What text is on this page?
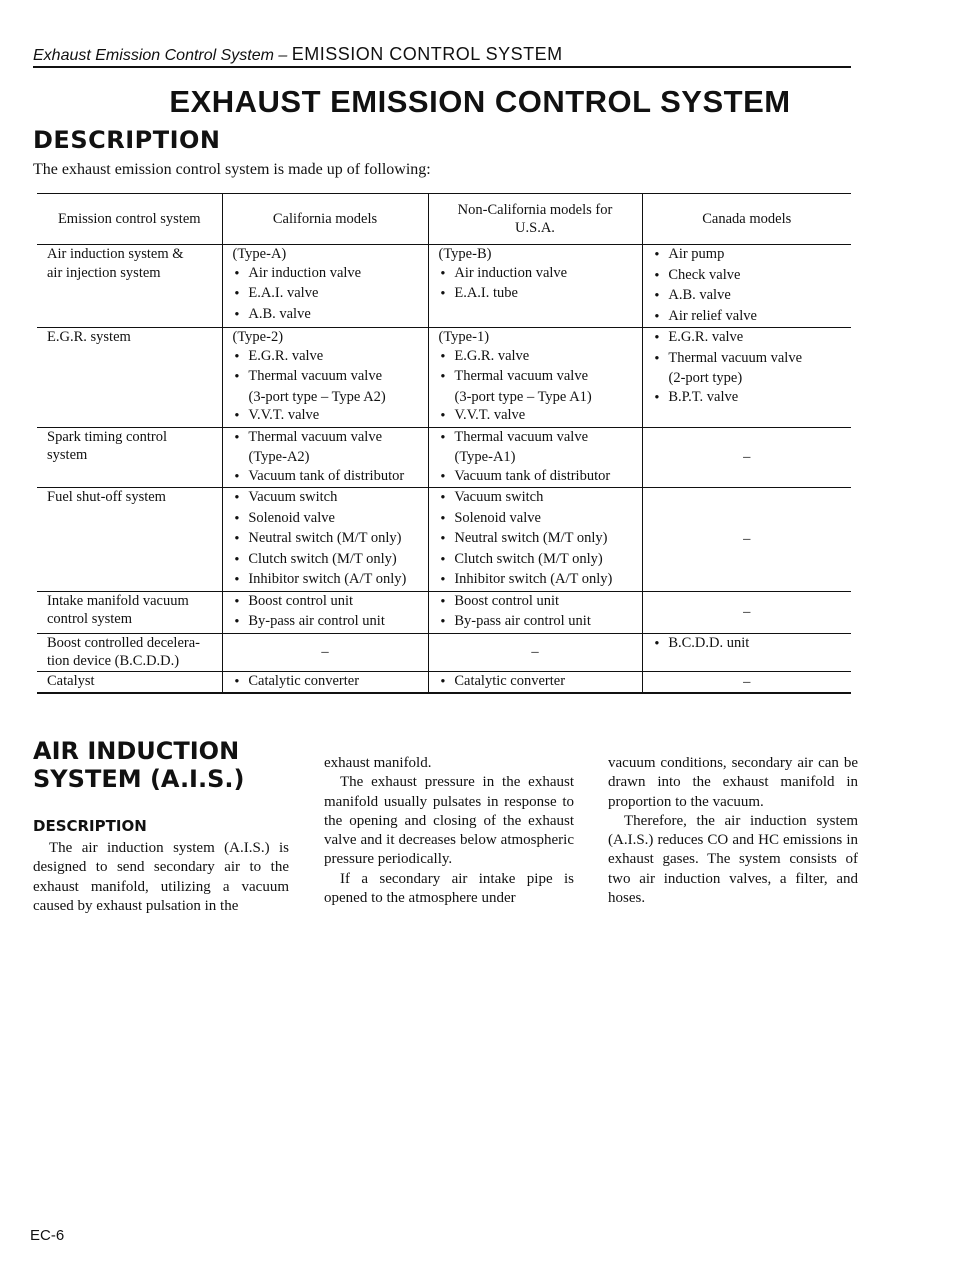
Exhaust Emission Control System – EMISSION CONTROL SYSTEM
EXHAUST EMISSION CONTROL SYSTEM
DESCRIPTION
The exhaust emission control system is made up of following:
Emission control system	California models	Non-California models for U.S.A.	Canada models

Air induction system &
air injection system	(Type-A)
● Air induction valve
● E.A.I. valve
● A.B. valve	(Type-B)
● Air induction valve
● E.A.I. tube	● Air pump
● Check valve
● A.B. valve
● Air relief valve

E.G.R. system	(Type-2)
● E.G.R. valve
● Thermal vacuum valve
(3-port type – Type A2)
● V.V.T. valve	(Type-1)
● E.G.R. valve
● Thermal vacuum valve
(3-port type – Type A1)
● V.V.T. valve	● E.G.R. valve
● Thermal vacuum valve
(2-port type)
● B.P.T. valve

Spark timing control
system	● Thermal vacuum valve
(Type-A2)
● Vacuum tank of distributor	● Thermal vacuum valve
(Type-A1)
● Vacuum tank of distributor	–

Fuel shut-off system	● Vacuum switch
● Solenoid valve
● Neutral switch (M/T only)
● Clutch switch (M/T only)
● Inhibitor switch (A/T only)	● Vacuum switch
● Solenoid valve
● Neutral switch (M/T only)
● Clutch switch (M/T only)
● Inhibitor switch (A/T only)	–

Intake manifold vacuum
control system	● Boost control unit
● By-pass air control unit	● Boost control unit
● By-pass air control unit	–

Boost controlled decelera-
tion device (B.C.D.D.)	–	–	● B.C.D.D. unit

Catalyst	● Catalytic converter	● Catalytic converter	–
AIR INDUCTION
SYSTEM (A.I.S.)
DESCRIPTION

The air induction system (A.I.S.) is designed to send secondary air to the exhaust manifold, utilizing a vacuum caused by exhaust pulsation in the

exhaust manifold.

The exhaust pressure in the exhaust manifold usually pulsates in response to the opening and closing of the exhaust valve and it decreases below atmospheric pressure periodically.

If a secondary air intake pipe is opened to the atmosphere under

vacuum conditions, secondary air can be drawn into the exhaust manifold in proportion to the vacuum.

Therefore, the air induction system (A.I.S.) reduces CO and HC emissions in exhaust gases. The system consists of two air induction valves, a filter, and hoses.

EC-6
